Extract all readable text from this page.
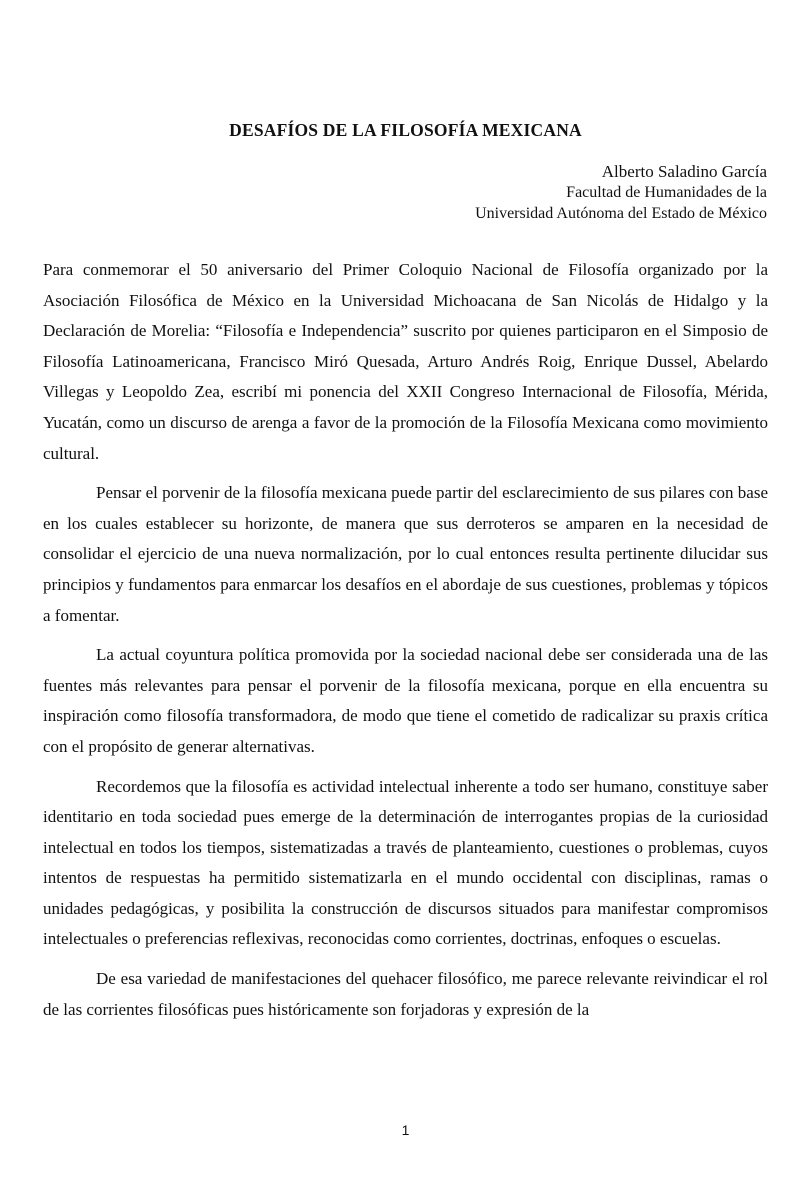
DESAFÍOS DE LA FILOSOFÍA MEXICANA
Alberto Saladino García
Facultad de Humanidades de la
Universidad Autónoma del Estado de México

Para conmemorar el 50 aniversario del Primer Coloquio Nacional de Filosofía organizado por la Asociación Filosófica de México en la Universidad Michoacana de San Nicolás de Hidalgo y la Declaración de Morelia: “Filosofía e Independencia” suscrito por quienes participaron en el Simposio de Filosofía Latinoamericana, Francisco Miró Quesada, Arturo Andrés Roig, Enrique Dussel, Abelardo Villegas y Leopoldo Zea, escribí mi ponencia del XXII Congreso Internacional de Filosofía, Mérida, Yucatán, como un discurso de arenga a favor de la promoción de la Filosofía Mexicana como movimiento cultural.

Pensar el porvenir de la filosofía mexicana puede partir del esclarecimiento de sus pilares con base en los cuales establecer su horizonte, de manera que sus derroteros se amparen en la necesidad de consolidar el ejercicio de una nueva normalización, por lo cual entonces resulta pertinente dilucidar sus principios y fundamentos para enmarcar los desafíos en el abordaje de sus cuestiones, problemas y tópicos a fomentar.

La actual coyuntura política promovida por la sociedad nacional debe ser considerada una de las fuentes más relevantes para pensar el porvenir de la filosofía mexicana, porque en ella encuentra su inspiración como filosofía transformadora, de modo que tiene el cometido de radicalizar su praxis crítica con el propósito de generar alternativas.

Recordemos que la filosofía es actividad intelectual inherente a todo ser humano, constituye saber identitario en toda sociedad pues emerge de la determinación de interrogantes propias de la curiosidad intelectual en todos los tiempos, sistematizadas a través de planteamiento, cuestiones o problemas, cuyos intentos de respuestas ha permitido sistematizarla en el mundo occidental con disciplinas, ramas o unidades pedagógicas, y posibilita la construcción de discursos situados para manifestar compromisos intelectuales o preferencias reflexivas, reconocidas como corrientes, doctrinas, enfoques o escuelas.

De esa variedad de manifestaciones del quehacer filosófico, me parece relevante reivindicar el rol de las corrientes filosóficas pues históricamente son forjadoras y expresión de la

1
